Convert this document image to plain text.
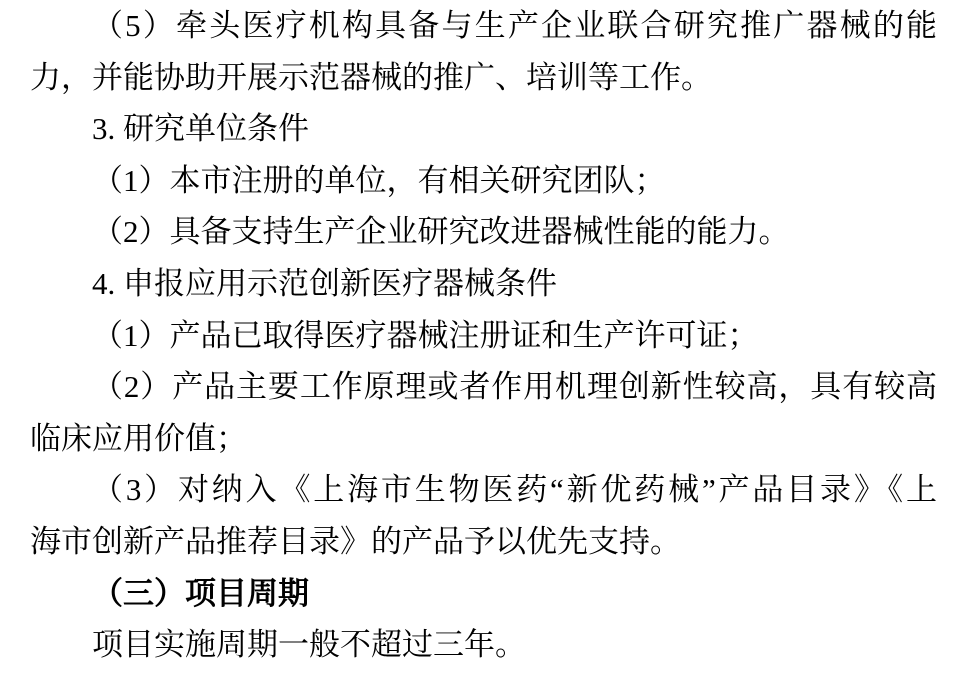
（5）牵头医疗机构具备与生产企业联合研究推广器械的能

力，并能协助开展示范器械的推广、培训等工作。

3. 研究单位条件

（1）本市注册的单位，有相关研究团队；

（2）具备支持生产企业研究改进器械性能的能力。

4. 申报应用示范创新医疗器械条件

（1）产品已取得医疗器械注册证和生产许可证；

（2）产品主要工作原理或者作用机理创新性较高，具有较高

临床应用价值；

（3）对纳入《上海市生物医药“新优药械”产品目录》《上

海市创新产品推荐目录》的产品予以优先支持。

（三）项目周期

项目实施周期一般不超过三年。
